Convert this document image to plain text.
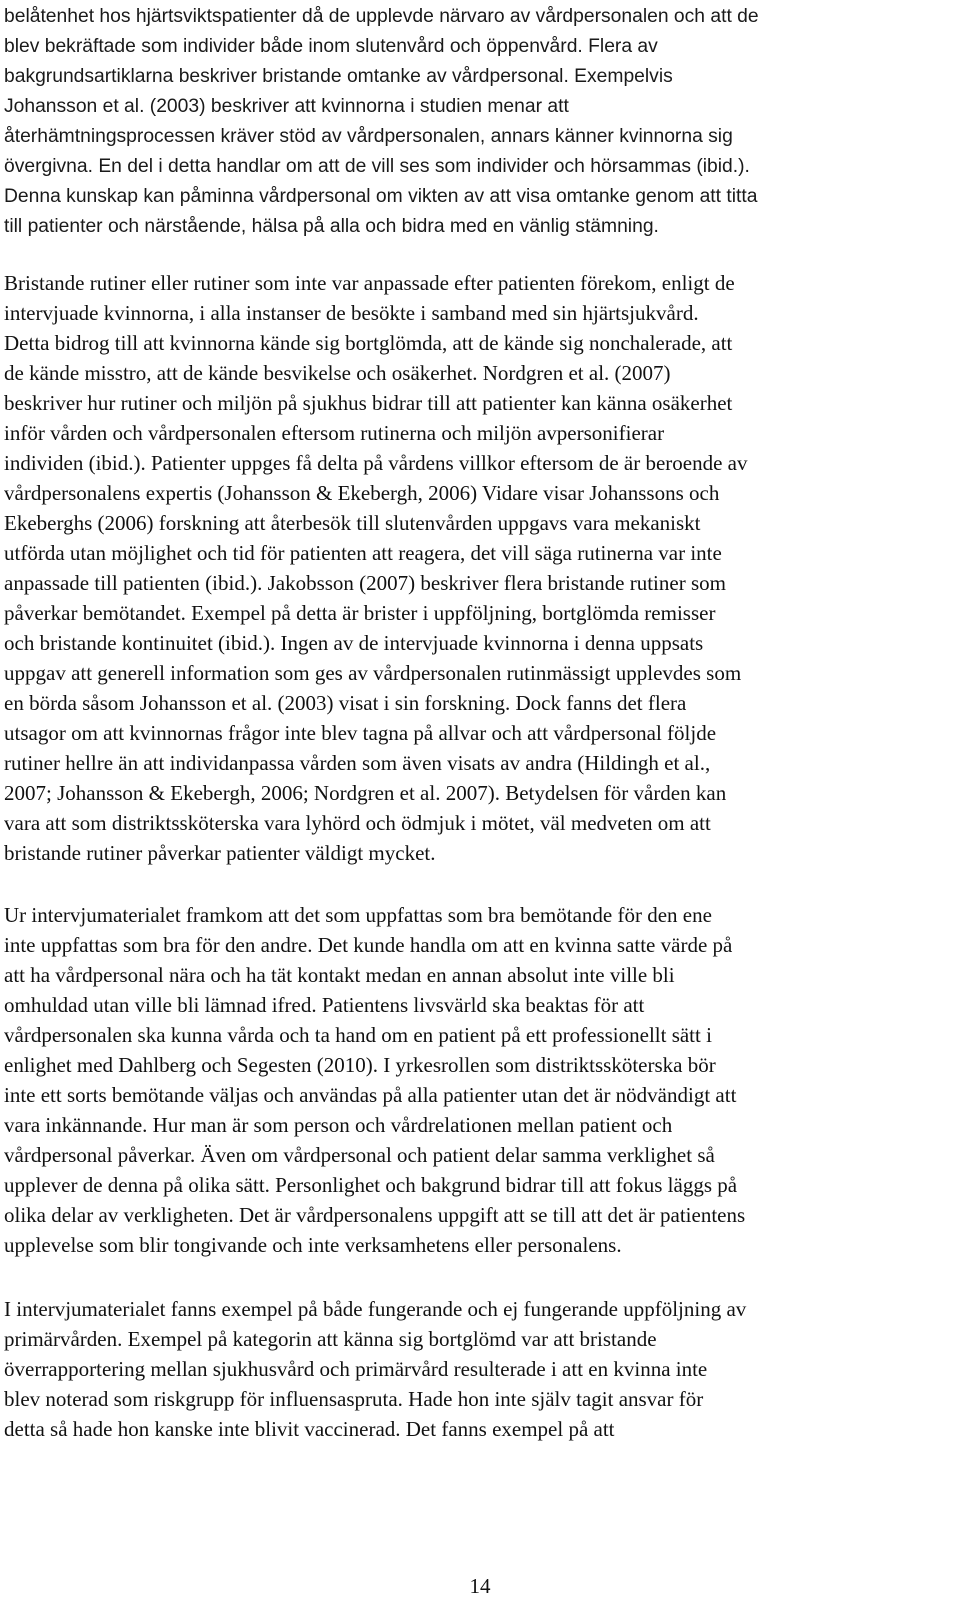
belåtenhet hos hjärtsviktspatienter då de upplevde närvaro av vårdpersonalen och att de
blev bekräftade som individer både inom slutenvård och öppenvård. Flera av
bakgrundsartiklarna beskriver bristande omtanke av vårdpersonal. Exempelvis
Johansson et al. (2003) beskriver att kvinnorna i studien menar att
återhämtningsprocessen kräver stöd av vårdpersonalen, annars känner kvinnorna sig
övergivna. En del i detta handlar om att de vill ses som individer och hörsammas (ibid.).
Denna kunskap kan påminna vårdpersonal om vikten av att visa omtanke genom att titta
till patienter och närstående, hälsa på alla och bidra med en vänlig stämning.
Bristande rutiner eller rutiner som inte var anpassade efter patienten förekom, enligt de
intervjuade kvinnorna, i alla instanser de besökte i samband med sin hjärtsjukvård.
Detta bidrog till att kvinnorna kände sig bortglömda, att de kände sig nonchalerade, att
de kände misstro, att de kände besvikelse och osäkerhet. Nordgren et al. (2007)
beskriver hur rutiner och miljön på sjukhus bidrar till att patienter kan känna osäkerhet
inför vården och vårdpersonalen eftersom rutinerna och miljön avpersonifierar
individen (ibid.). Patienter uppges få delta på vårdens villkor eftersom de är beroende av
vårdpersonalens expertis (Johansson & Ekebergh, 2006) Vidare visar Johanssons och
Ekeberghs (2006) forskning att återbesök till slutenvården uppgavs vara mekaniskt
utförda utan möjlighet och tid för patienten att reagera, det vill säga rutinerna var inte
anpassade till patienten (ibid.). Jakobsson (2007) beskriver flera bristande rutiner som
påverkar bemötandet. Exempel på detta är brister i uppföljning, bortglömda remisser
och bristande kontinuitet (ibid.). Ingen av de intervjuade kvinnorna i denna uppsats
uppgav att generell information som ges av vårdpersonalen rutinmässigt upplevdes som
en börda såsom Johansson et al. (2003) visat i sin forskning. Dock fanns det flera
utsagor om att kvinnornas frågor inte blev tagna på allvar och att vårdpersonal följde
rutiner hellre än att individanpassa vården som även visats av andra (Hildingh et al.,
2007; Johansson & Ekebergh, 2006; Nordgren et al. 2007). Betydelsen för vården kan
vara att som distriktssköterska vara lyhörd och ödmjuk i mötet, väl medveten om att
bristande rutiner påverkar patienter väldigt mycket.
Ur intervjumaterialet framkom att det som uppfattas som bra bemötande för den ene
inte uppfattas som bra för den andre. Det kunde handla om att en kvinna satte värde på
att ha vårdpersonal nära och ha tät kontakt medan en annan absolut inte ville bli
omhuldad utan ville bli lämnad ifred. Patientens livsvärld ska beaktas för att
vårdpersonalen ska kunna vårda och ta hand om en patient på ett professionellt sätt i
enlighet med Dahlberg och Segesten (2010). I yrkesrollen som distriktssköterska bör
inte ett sorts bemötande väljas och användas på alla patienter utan det är nödvändigt att
vara inkännande. Hur man är som person och vårdrelationen mellan patient och
vårdpersonal påverkar. Även om vårdpersonal och patient delar samma verklighet så
upplever de denna på olika sätt. Personlighet och bakgrund bidrar till att fokus läggs på
olika delar av verkligheten. Det är vårdpersonalens uppgift att se till att det är patientens
upplevelse som blir tongivande och inte verksamhetens eller personalens.
I intervjumaterialet fanns exempel på både fungerande och ej fungerande uppföljning av
primärvården. Exempel på kategorin att känna sig bortglömd var att bristande
överrapportering mellan sjukhusvård och primärvård resulterade i att en kvinna inte
blev noterad som riskgrupp för influensaspruta. Hade hon inte själv tagit ansvar för
detta så hade hon kanske inte blivit vaccinerad. Det fanns exempel på att
14
